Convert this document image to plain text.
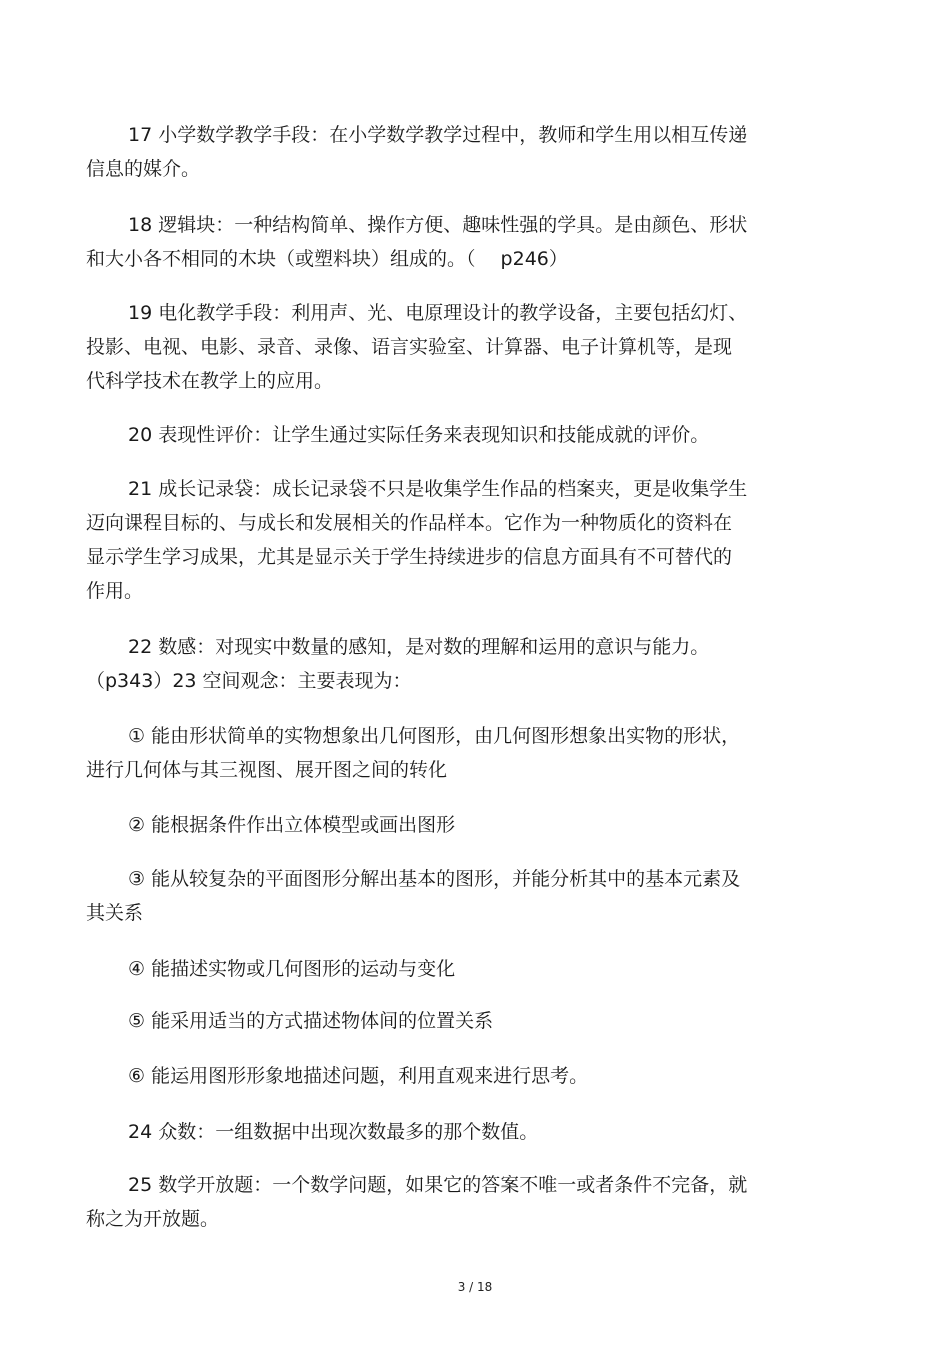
17 小学数学教学手段：在小学数学教学过程中，教师和学生用以相互传递
信息的媒介。
18 逻辑块：一种结构简单、操作方便、趣味性强的学具。是由颜色、形状
和大小各不相同的木块（或塑料块）组成的。（　 p246）
19 电化教学手段：利用声、光、电原理设计的教学设备，主要包括幻灯、
投影、电视、电影、录音、录像、语言实验室、计算器、电子计算机等，是现
代科学技术在教学上的应用。
20 表现性评价：让学生通过实际任务来表现知识和技能成就的评价。
21 成长记录袋：成长记录袋不只是收集学生作品的档案夹，更是收集学生
迈向课程目标的、与成长和发展相关的作品样本。它作为一种物质化的资料在
显示学生学习成果，尤其是显示关于学生持续进步的信息方面具有不可替代的
作用。
22 数感：对现实中数量的感知，是对数的理解和运用的意识与能力。
（p343）23 空间观念：主要表现为：
① 能由形状简单的实物想象出几何图形，由几何图形想象出实物的形状，
进行几何体与其三视图、展开图之间的转化
② 能根据条件作出立体模型或画出图形
③ 能从较复杂的平面图形分解出基本的图形，并能分析其中的基本元素及
其关系
④ 能描述实物或几何图形的运动与变化
⑤ 能采用适当的方式描述物体间的位置关系
⑥ 能运用图形形象地描述问题，利用直观来进行思考。
24 众数：一组数据中出现次数最多的那个数值。
25 数学开放题：一个数学问题，如果它的答案不唯一或者条件不完备，就
称之为开放题。
3 / 18
